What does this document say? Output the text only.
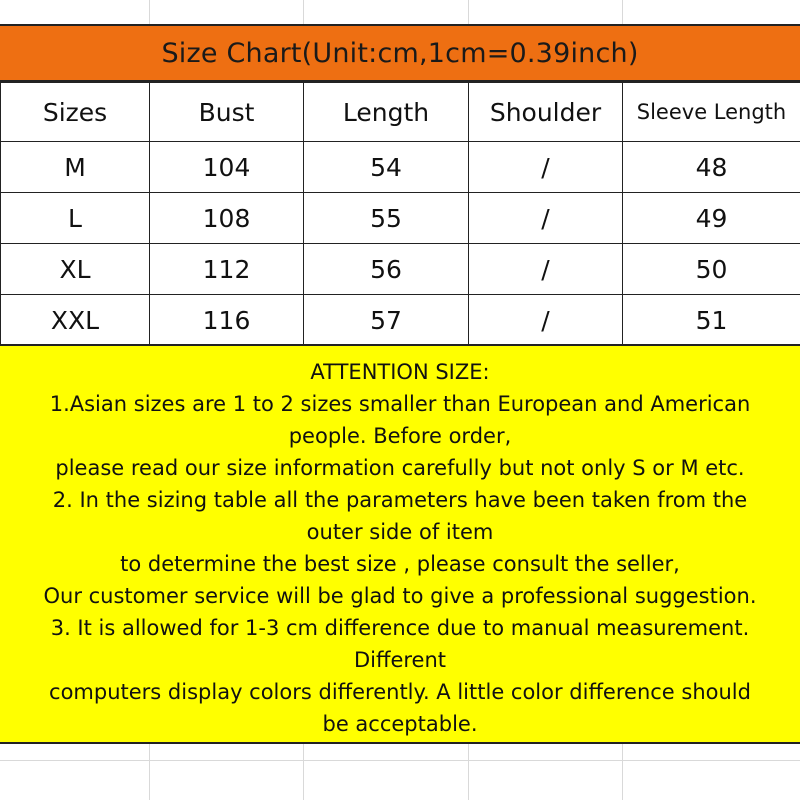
Size Chart(Unit:cm,1cm=0.39inch)
Sizes	Bust	Length	Shoulder	Sleeve Length
M	104	54	/	48
L	108	55	/	49
XL	112	56	/	50
XXL	116	57	/	51
ATTENTION SIZE:
1.Asian sizes are 1 to 2 sizes smaller than European and American
people. Before order,
please read our size information carefully but not only S or M etc.
2. In the sizing table all the parameters have been taken from the
outer side of item
to determine the best size , please consult the seller,
Our customer service will be glad to give a professional suggestion.
3. It is allowed for 1-3 cm difference due to manual measurement.
Different
computers display colors differently. A little color difference should
be acceptable.
